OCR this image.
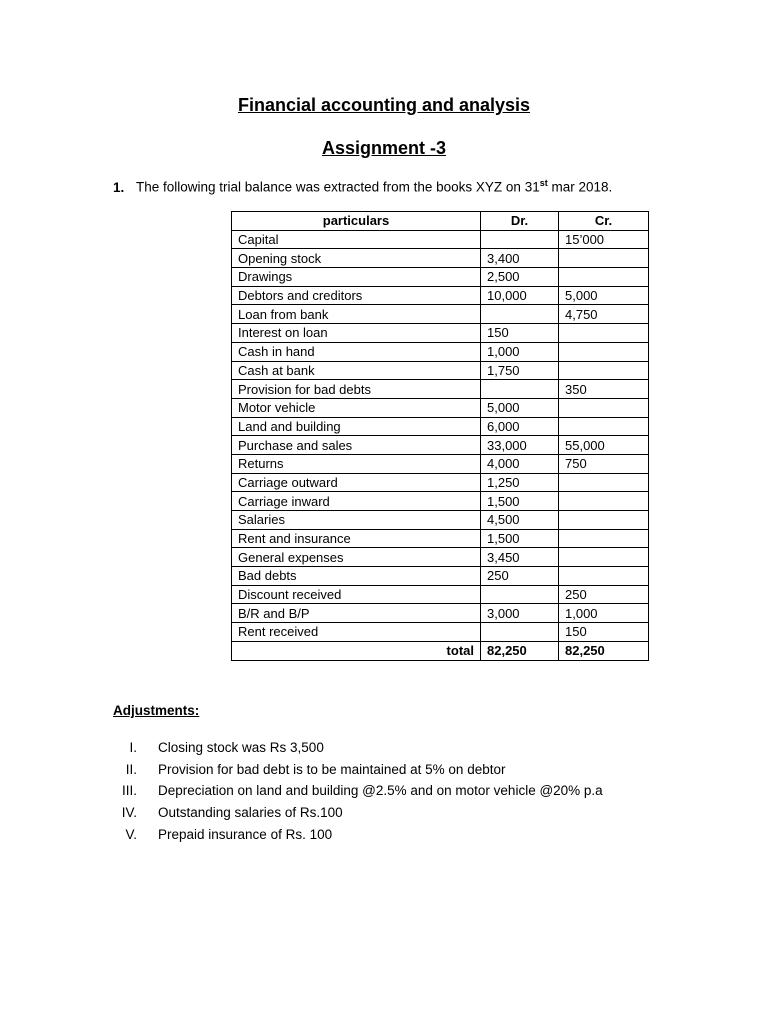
Financial accounting and analysis
Assignment -3
1. The following trial balance was extracted from the books XYZ on 31st mar 2018.
particulars	Dr.	Cr.
Capital		15’000
Opening stock	3,400	
Drawings	2,500	
Debtors and creditors	10,000	5,000
Loan from bank		4,750
Interest on loan	150	
Cash in hand	1,000	
Cash at bank	1,750	
Provision for bad debts		350
Motor vehicle	5,000	
Land and building	6,000	
Purchase and sales	33,000	55,000
Returns	4,000	750
Carriage outward	1,250	
Carriage inward	1,500	
Salaries	4,500	
Rent and insurance	1,500	
General expenses	3,450	
Bad debts	250	
Discount received		250
B/R and B/P	3,000	1,000
Rent received		150
total	82,250	82,250
Adjustments:
I. Closing stock was Rs 3,500
II. Provision for bad debt is to be maintained at 5% on debtor
III. Depreciation on land and building @2.5% and on motor vehicle @20% p.a
IV. Outstanding salaries of Rs.100
V. Prepaid insurance of Rs. 100
